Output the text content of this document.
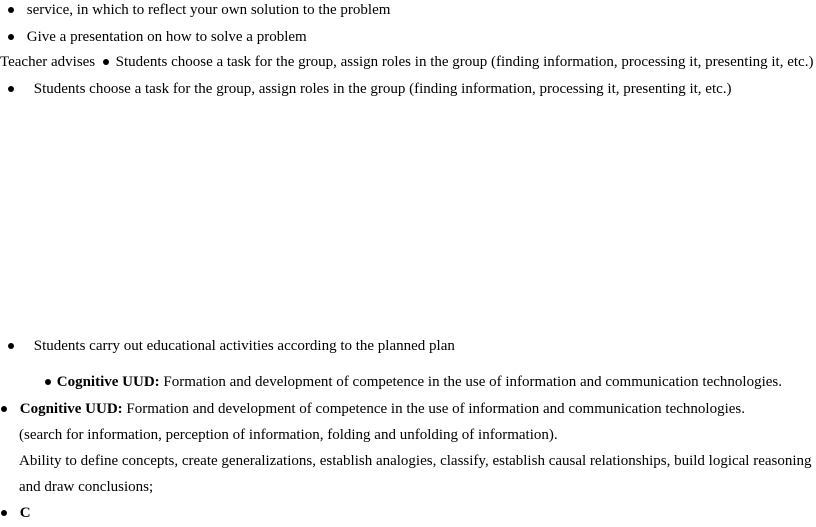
service, in which to reflect your own solution to the problem
Give a presentation on how to solve a problem
Teacher advises Students choose a task for the group, assign roles in the group (finding information, processing it, presenting it, etc.)
Students choose a task for the group, assign roles in the group (finding information, processing it, presenting it, etc.)
Students carry out educational activities according to the planned plan
Cognitive UUD: Formation and development of competence in the use of information and communication technologies.
Cognitive UUD: Formation and development of competence in the use of information and communication technologies.
(search for information, perception of information, folding and unfolding of information).
Ability to define concepts, create generalizations, establish analogies, classify, establish causal relationships, build logical reasoning
and draw conclusions;
C
